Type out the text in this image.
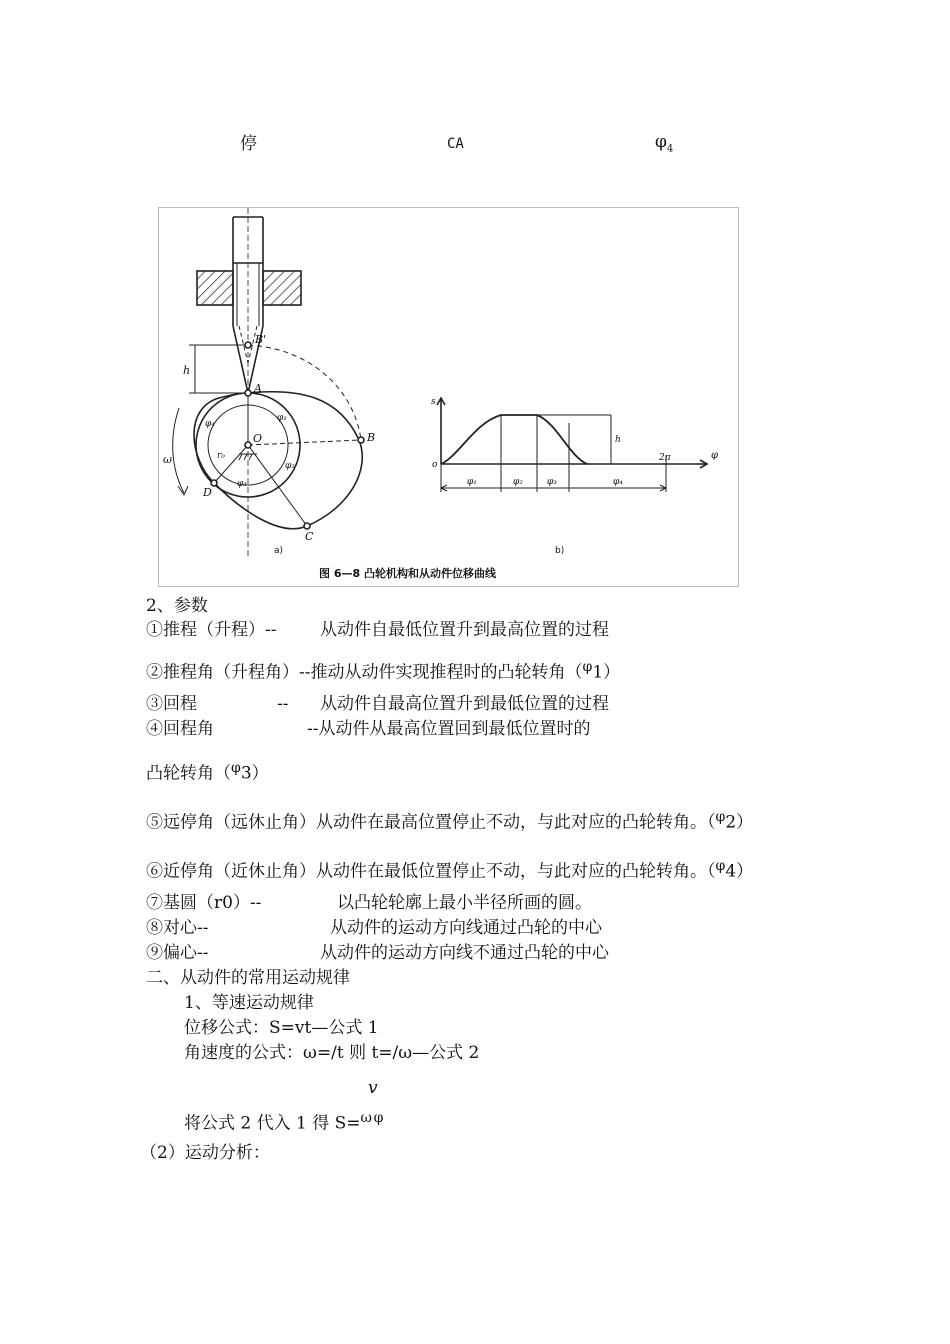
停	CA	$\varphi_4$
B'
A
B
C
D
O
h
ω	r₀
φ₁
φ₂
φ₃
φ₄
s
o
h
2π	φ
φ₁	φ₂	φ₃	φ₄
a)	b)
图 6—8 凸轮机构和从动件位移曲线
2、参数
①推程（升程）--	从动件自最低位置升到最高位置的过程
②推程角（升程角）--推动从动件实现推程时的凸轮转角（$^\varphi$1）
③回程	-- 从动件自最高位置升到最低位置的过程
④回程角	--从动件从最高位置回到最低位置时的
凸轮转角（$^\varphi$3）
⑤远停角（远休止角）从动件在最高位置停止不动，与此对应的凸轮转角。（$^\varphi$2）
⑥近停角（近休止角）从动件在最低位置停止不动，与此对应的凸轮转角。（$^\varphi$4）
⑦基圆（r0）--	以凸轮轮廓上最小半径所画的圆。
⑧对心--	从动件的运动方向线通过凸轮的中心
⑨偏心--	从动件的运动方向线不通过凸轮的中心
二、从动件的常用运动规律
1、等速运动规律
位移公式：S=vt—公式 1
角速度的公式：ω=/t 则 t=/ω—公式 2
v
将公式 2 代入 1 得 S=$^\omega$  $^\varphi$
（2）运动分析：
